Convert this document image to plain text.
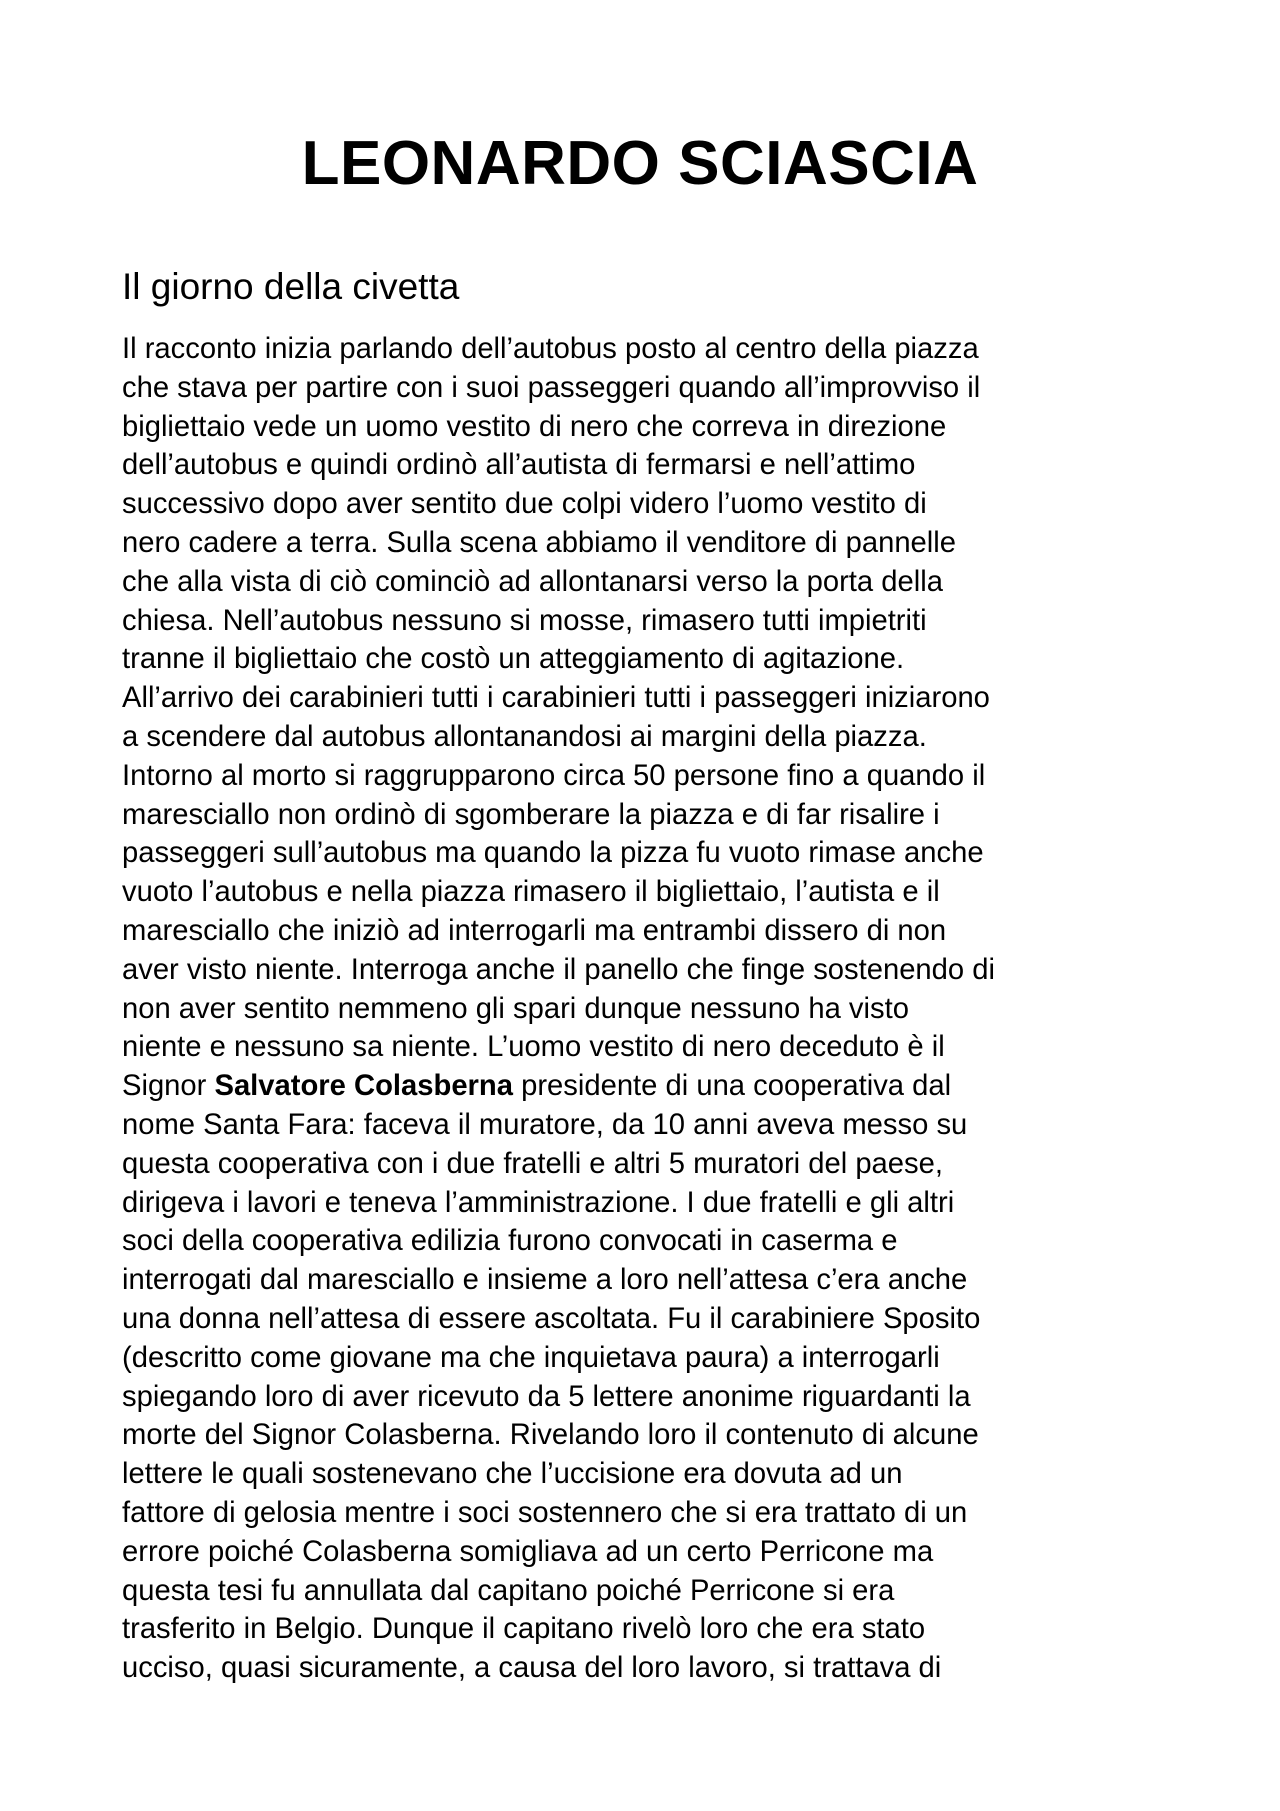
LEONARDO SCIASCIA
Il giorno della civetta

Il racconto inizia parlando dell’autobus posto al centro della piazza
che stava per partire con i suoi passeggeri quando all’improvviso il
bigliettaio vede un uomo vestito di nero che correva in direzione
dell’autobus e quindi ordinò all’autista di fermarsi e nell’attimo
successivo dopo aver sentito due colpi videro l’uomo vestito di
nero cadere a terra. Sulla scena abbiamo il venditore di pannelle
che alla vista di ciò cominciò ad allontanarsi verso la porta della
chiesa. Nell’autobus nessuno si mosse, rimasero tutti impietriti
tranne il bigliettaio che costò un atteggiamento di agitazione.
All’arrivo dei carabinieri tutti i carabinieri tutti i passeggeri iniziarono
a scendere dal autobus allontanandosi ai margini della piazza.
Intorno al morto si raggrupparono circa 50 persone fino a quando il
maresciallo non ordinò di sgomberare la piazza e di far risalire i
passeggeri sull’autobus ma quando la pizza fu vuoto rimase anche
vuoto l’autobus e nella piazza rimasero il bigliettaio, l’autista e il
maresciallo che iniziò ad interrogarli ma entrambi dissero di non
aver visto niente. Interroga anche il panello che finge sostenendo di
non aver sentito nemmeno gli spari dunque nessuno ha visto
niente e nessuno sa niente. L’uomo vestito di nero deceduto è il
Signor Salvatore Colasberna presidente di una cooperativa dal
nome Santa Fara: faceva il muratore, da 10 anni aveva messo su
questa cooperativa con i due fratelli e altri 5 muratori del paese,
dirigeva i lavori e teneva l’amministrazione. I due fratelli e gli altri
soci della cooperativa edilizia furono convocati in caserma e
interrogati dal maresciallo e insieme a loro nell’attesa c’era anche
una donna nell’attesa di essere ascoltata. Fu il carabiniere Sposito
(descritto come giovane ma che inquietava paura) a interrogarli
spiegando loro di aver ricevuto da 5 lettere anonime riguardanti la
morte del Signor Colasberna. Rivelando loro il contenuto di alcune
lettere le quali sostenevano che l’uccisione era dovuta ad un
fattore di gelosia mentre i soci sostennero che si era trattato di un
errore poiché Colasberna somigliava ad un certo Perricone ma
questa tesi fu annullata dal capitano poiché Perricone si era
trasferito in Belgio. Dunque il capitano rivelò loro che era stato
ucciso, quasi sicuramente, a causa del loro lavoro, si trattava di
